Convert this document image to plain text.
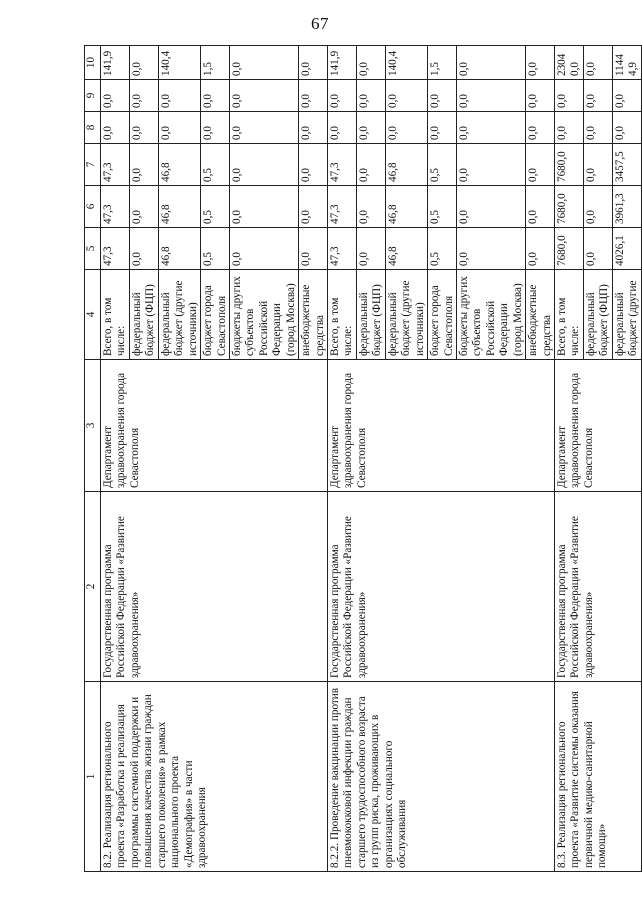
67
1	2	3	4	5	6	7	8	9	10
8.2. Реализация регионального проекта «Разработка и реализация программы системной поддержки и повышения качества жизни граждан старшего поколения» в рамках национального проекта «Демография» в части здравоохранения	Государственная программа Российской Федерации «Развитие здравоохранения»	Департамент здравоохранения города Севастополя	Всего, в том числе:	47,3	47,3	47,3	0,0	0,0	141,9
			федеральный бюджет (ФЦП)	0,0	0,0	0,0	0,0	0,0	0,0
			федеральный бюджет (другие источники)	46,8	46,8	46,8	0,0	0,0	140,4
			бюджет города Севастополя	0,5	0,5	0,5	0,0	0,0	1,5
			бюджеты других субъектов Российской Федерации (город Москва)	0,0	0,0	0,0	0,0	0,0	0,0
			внебюджетные средства	0,0	0,0	0,0	0,0	0,0	0,0
8.2.2. Проведение вакцинации против пневмококковой инфекции граждан старшего трудоспособного возраста из групп риска, проживающих в организациях социального обслуживания	Государственная программа Российской Федерации «Развитие здравоохранения»	Департамент здравоохранения города Севастополя	Всего, в том числе:	47,3	47,3	47,3	0,0	0,0	141,9
			федеральный бюджет (ФЦП)	0,0	0,0	0,0	0,0	0,0	0,0
			федеральный бюджет (другие источники)	46,8	46,8	46,8	0,0	0,0	140,4
			бюджет города Севастополя	0,5	0,5	0,5	0,0	0,0	1,5
			бюджеты других субъектов Российской Федерации (город Москва)	0,0	0,0	0,0	0,0	0,0	0,0
			внебюджетные средства	0,0	0,0	0,0	0,0	0,0	0,0
8.3. Реализация регионального проекта «Развитие системы оказания первичной медико-санитарной помощи»	Государственная программа Российской Федерации «Развитие здравоохранения»	Департамент здравоохранения города Севастополя	Всего, в том числе:	7680,0	7680,0	7680,0	0,0	0,0	23040,0
			федеральный бюджет (ФЦП)	0,0	0,0	0,0	0,0	0,0	0,0
			федеральный бюджет (другие	4026,1	3961,3	3457,5	0,0	0,0	11444,9
